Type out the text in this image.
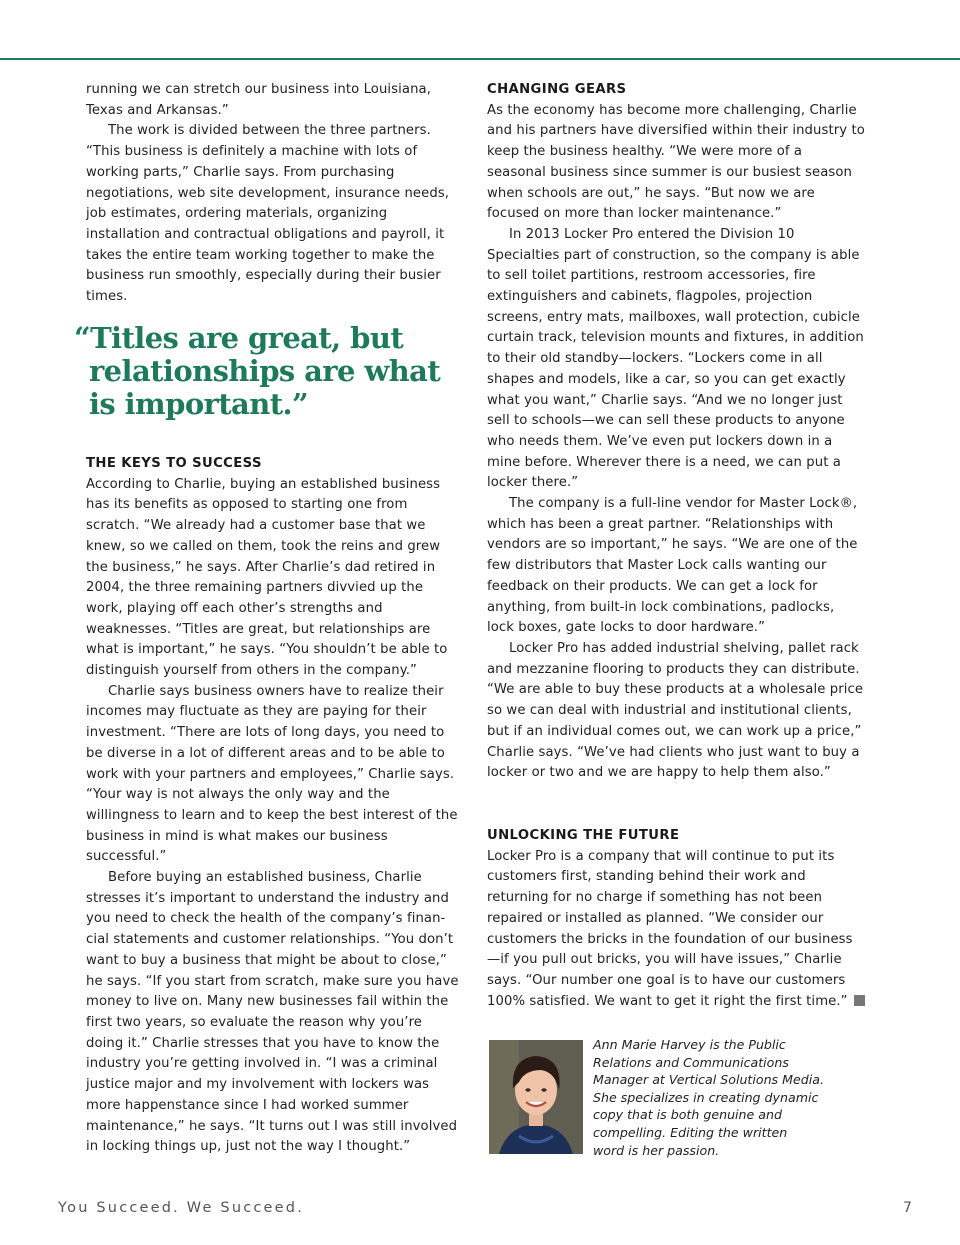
running we can stretch our business into Louisiana,
Texas and Arkansas.”

The work is divided between the three partners. “This business is definitely a machine with lots of working parts,” Charlie says. From purchasing negotiations, web site development, insurance needs, job estimates, ordering materials, organizing installation and contractual obligations and payroll, it takes the entire team working together to make the business run smoothly, especially during their busier times.

“Titles are great, but
relationships are what
is important.”
THE KEYS TO SUCCESS

According to Charlie, buying an established business has its benefits as opposed to starting one from scratch. “We already had a customer base that we knew, so we called on them, took the reins and grew the business,” he says. After Charlie’s dad retired in 2004, the three remaining partners divvied up the work, playing off each other’s strengths and weaknesses. “Titles are great, but relationships are what is important,” he says. “You shouldn’t be able to distinguish yourself from others in the company.”

Charlie says business owners have to realize their incomes may fluctuate as they are paying for their investment. “There are lots of long days, you need to be diverse in a lot of different areas and to be able to work with your partners and employees,” Charlie says. “Your way is not always the only way and the willingness to learn and to keep the best interest of the business in mind is what makes our business successful.”

Before buying an established business, Charlie stresses it’s important to understand the industry and you need to check the health of the company’s finan-cial statements and customer relationships. “You don’t want to buy a business that might be about to close,” he says. “If you start from scratch, make sure you have money to live on. Many new businesses fail within the first two years, so evaluate the reason why you’re doing it.” Charlie stresses that you have to know the industry you’re getting involved in. “I was a criminal justice major and my involvement with lockers was more happenstance since I had worked summer maintenance,” he says. “It turns out I was still involved in locking things up, just not the way I thought.”

CHANGING GEARS

As the economy has become more challenging, Charlie and his partners have diversified within their industry to keep the business healthy. “We were more of a seasonal business since summer is our busiest season when schools are out,” he says. “But now we are focused on more than locker maintenance.”

In 2013 Locker Pro entered the Division 10 Specialties part of construction, so the company is able to sell toilet partitions, restroom accessories, fire extinguishers and cabinets, flagpoles, projection screens, entry mats, mailboxes, wall protection, cubicle curtain track, television mounts and fixtures, in addition to their old standby—lockers. “Lockers come in all shapes and models, like a car, so you can get exactly what you want,” Charlie says. “And we no longer just sell to schools—we can sell these products to anyone who needs them. We’ve even put lockers down in a mine before. Wherever there is a need, we can put a locker there.”

The company is a full-line vendor for Master Lock®, which has been a great partner. “Relationships with vendors are so important,” he says. “We are one of the few distributors that Master Lock calls wanting our feedback on their products. We can get a lock for anything, from built-in lock combinations, padlocks, lock boxes, gate locks to door hardware.”

Locker Pro has added industrial shelving, pallet rack and mezzanine flooring to products they can distribute. “We are able to buy these products at a wholesale price so we can deal with industrial and institutional clients, but if an individual comes out, we can work up a price,” Charlie says. “We’ve had clients who just want to buy a locker or two and we are happy to help them also.”

UNLOCKING THE FUTURE

Locker Pro is a company that will continue to put its customers first, standing behind their work and returning for no charge if something has not been repaired or installed as planned. “We consider our customers the bricks in the foundation of our business—if you pull out bricks, you will have issues,” Charlie says. “Our number one goal is to have our customers 100% satisfied. We want to get it right the first time.”

Ann Marie Harvey is the Public
Relations and Communications
Manager at Vertical Solutions Media.
She specializes in creating dynamic
copy that is both genuine and
compelling. Editing the written
word is her passion.
You Succeed. We Succeed.	7
